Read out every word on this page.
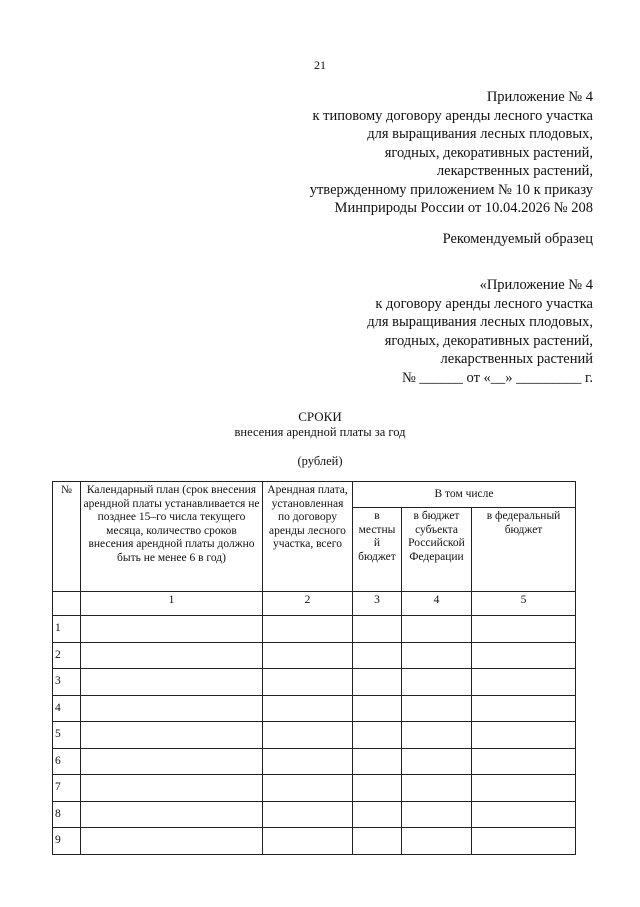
21
Приложение № 4
к типовому договору аренды лесного участка
для выращивания лесных плодовых,
ягодных, декоративных растений,
лекарственных растений,
утвержденному приложением № 10 к приказу
Минприроды России от 10.04.2026 № 208
Рекомендуемый образец
«Приложение № 4
к договору аренды лесного участка
для выращивания лесных плодовых,
ягодных, декоративных растений,
лекарственных растений
№ ______ от «__» _________ г.
СРОКИ
внесения арендной платы за год
(рублей)
№	Календарный план (срок внесения арендной платы устанавливается не позднее 15–го числа текущего месяца, количество сроков внесения арендной платы должно быть не менее 6 в год)	Арендная плата, установленная по договору аренды лесного участка, всего	В том числе		
			в местны й бюджет	в бюджет субъекта Российской Федерации	в федеральный бюджет
	1	2	3	4	5
1					
2					
3					
4					
5					
6					
7					
8					
9					
